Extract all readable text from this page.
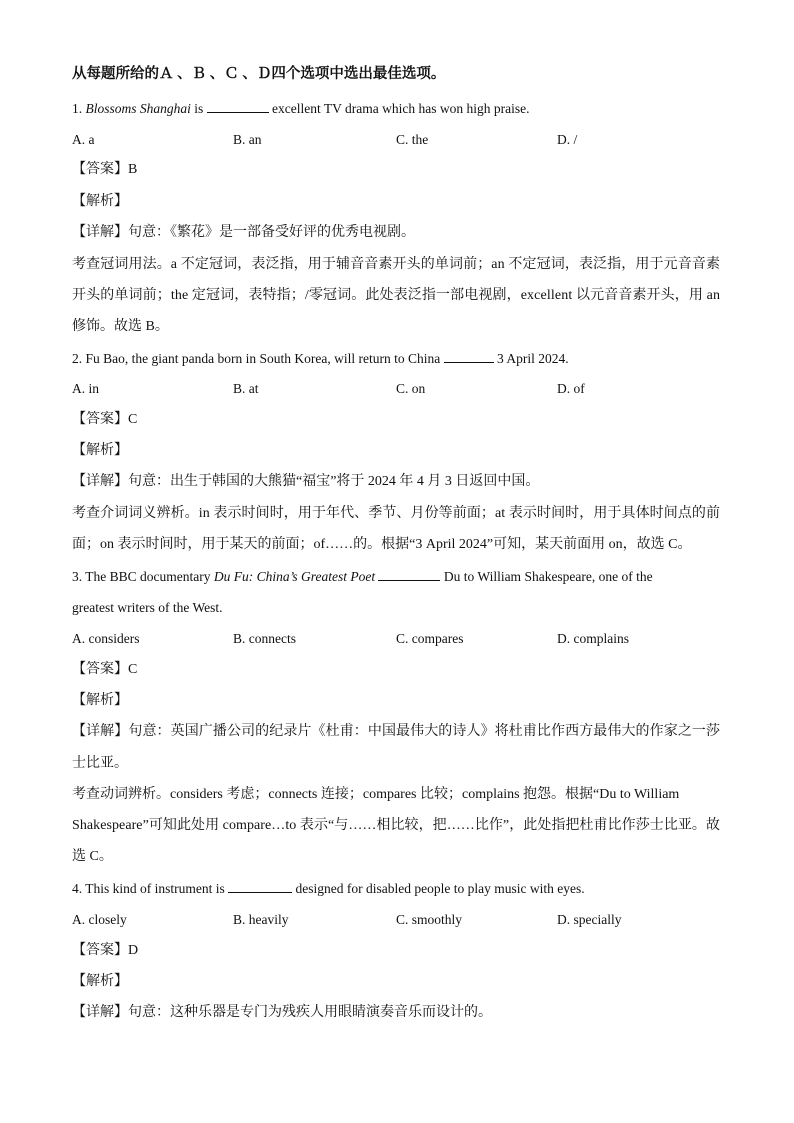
从每题所给的Ａ 、Ｂ 、Ｃ 、Ｄ四个选项中选出最佳选项。
1. Blossoms Shanghai is	excellent TV drama which has won high praise.
A. a	B. an	C. the	D. /
【答案】B
【解析】
【详解】句意：《繁花》是一部备受好评的优秀电视剧。
考查冠词用法。a 不定冠词，表泛指，用于辅音音素开头的单词前；an 不定冠词，表泛指，用于元音音素
开头的单词前；the 定冠词，表特指；/零冠词。此处表泛指一部电视剧，excellent 以元音音素开头，用 an
修饰。故选 B。
2. Fu Bao, the giant panda born in South Korea, will return to China	3 April 2024.
A. in	B. at	C. on	D. of
【答案】C
【解析】
【详解】句意：出生于韩国的大熊猫“福宝”将于 2024 年 4 月 3 日返回中国。
考查介词词义辨析。in 表示时间时，用于年代、季节、月份等前面；at 表示时间时，用于具体时间点的前
面；on 表示时间时，用于某天的前面；of……的。根据“3 April 2024”可知，某天前面用 on，故选 C。
3. The BBC documentary Du Fu: China’s Greatest Poet	Du to William Shakespeare, one of the
greatest writers of the West.
A. considers	B. connects	C. compares	D. complains
【答案】C
【解析】
【详解】句意：英国广播公司的纪录片《杜甫：中国最伟大的诗人》将杜甫比作西方最伟大的作家之一莎
士比亚。
考查动词辨析。considers 考虑；connects 连接；compares 比较；complains 抱怨。根据“Du to William
Shakespeare”可知此处用 compare…to 表示“与……相比较，把……比作”，此处指把杜甫比作莎士比亚。故
选 C。
4. This kind of instrument is	designed for disabled people to play music with eyes.
A. closely	B. heavily	C. smoothly	D. specially
【答案】D
【解析】
【详解】句意：这种乐器是专门为残疾人用眼睛演奏音乐而设计的。
